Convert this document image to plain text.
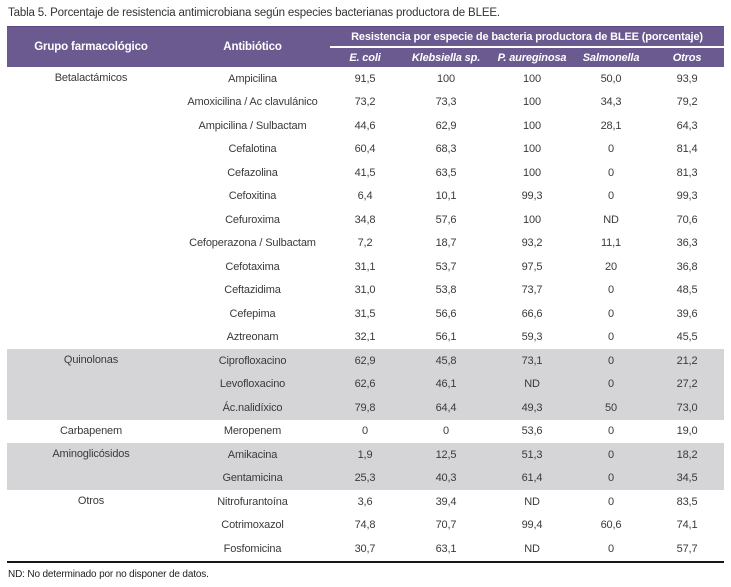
Tabla 5. Porcentaje de resistencia antimicrobiana según especies bacterianas productora de BLEE.
Grupo farmacológico	Antibiótico	Resistencia por especie de bacteria productora de BLEE (porcentaje)				
		E. coli	Klebsiella sp.	P. aureginosa	Salmonella	Otros
Betalactámicos	Ampicilina	91,5	100	100	50,0	93,9
	Amoxicilina / Ac clavulánico	73,2	73,3	100	34,3	79,2
	Ampicilina / Sulbactam	44,6	62,9	100	28,1	64,3
	Cefalotina	60,4	68,3	100	0	81,4
	Cefazolina	41,5	63,5	100	0	81,3
	Cefoxitina	6,4	10,1	99,3	0	99,3
	Cefuroxima	34,8	57,6	100	ND	70,6
	Cefoperazona / Sulbactam	7,2	18,7	93,2	11,1	36,3
	Cefotaxima	31,1	53,7	97,5	20	36,8
	Ceftazidima	31,0	53,8	73,7	0	48,5
	Cefepima	31,5	56,6	66,6	0	39,6
	Aztreonam	32,1	56,1	59,3	0	45,5
Quinolonas	Ciprofloxacino	62,9	45,8	73,1	0	21,2
	Levofloxacino	62,6	46,1	ND	0	27,2
	Ác.nalidíxico	79,8	64,4	49,3	50	73,0
Carbapenem	Meropenem	0	0	53,6	0	19,0
Aminoglicósidos	Amikacina	1,9	12,5	51,3	0	18,2
	Gentamicina	25,3	40,3	61,4	0	34,5
Otros	Nitrofurantoína	3,6	39,4	ND	0	83,5
	Cotrimoxazol	74,8	70,7	99,4	60,6	74,1
	Fosfomicina	30,7	63,1	ND	0	57,7
ND: No determinado por no disponer de datos.
